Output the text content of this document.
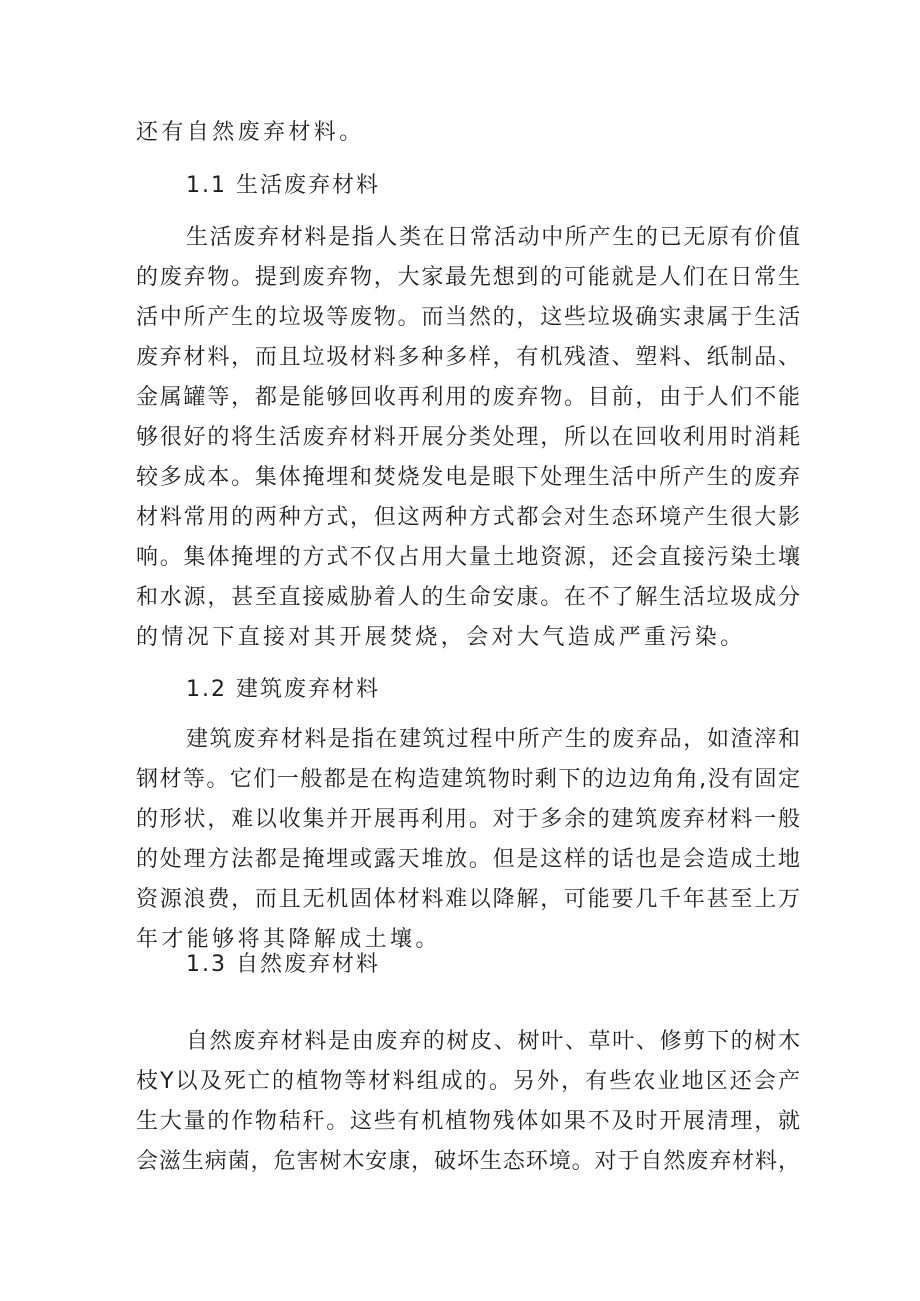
还有自然废弃材料。
1.1 生活废弃材料
生活废弃材料是指人类在日常活动中所产生的已无原有价值
的废弃物。提到废弃物，大家最先想到的可能就是人们在日常生
活中所产生的垃圾等废物。而当然的，这些垃圾确实隶属于生活
废弃材料，而且垃圾材料多种多样，有机残渣、塑料、纸制品、
金属罐等，都是能够回收再利用的废弃物。目前，由于人们不能
够很好的将生活废弃材料开展分类处理，所以在回收利用时消耗
较多成本。集体掩埋和焚烧发电是眼下处理生活中所产生的废弃
材料常用的两种方式，但这两种方式都会对生态环境产生很大影
响。集体掩埋的方式不仅占用大量土地资源，还会直接污染土壤
和水源，甚至直接威胁着人的生命安康。在不了解生活垃圾成分
的情况下直接对其开展焚烧，会对大气造成严重污染。
1.2 建筑废弃材料
建筑废弃材料是指在建筑过程中所产生的废弃品，如渣滓和
钢材等。它们一般都是在构造建筑物时剩下的边边角角,没有固定
的形状，难以收集并开展再利用。对于多余的建筑废弃材料一般
的处理方法都是掩埋或露天堆放。但是这样的话也是会造成土地
资源浪费，而且无机固体材料难以降解，可能要几千年甚至上万
年才能够将其降解成土壤。
1.3 自然废弃材料
自然废弃材料是由废弃的树皮、树叶、草叶、修剪下的树木
枝Y以及死亡的植物等材料组成的。另外，有些农业地区还会产
生大量的作物秸秆。这些有机植物残体如果不及时开展清理，就
会滋生病菌，危害树木安康，破坏生态环境。对于自然废弃材料，
